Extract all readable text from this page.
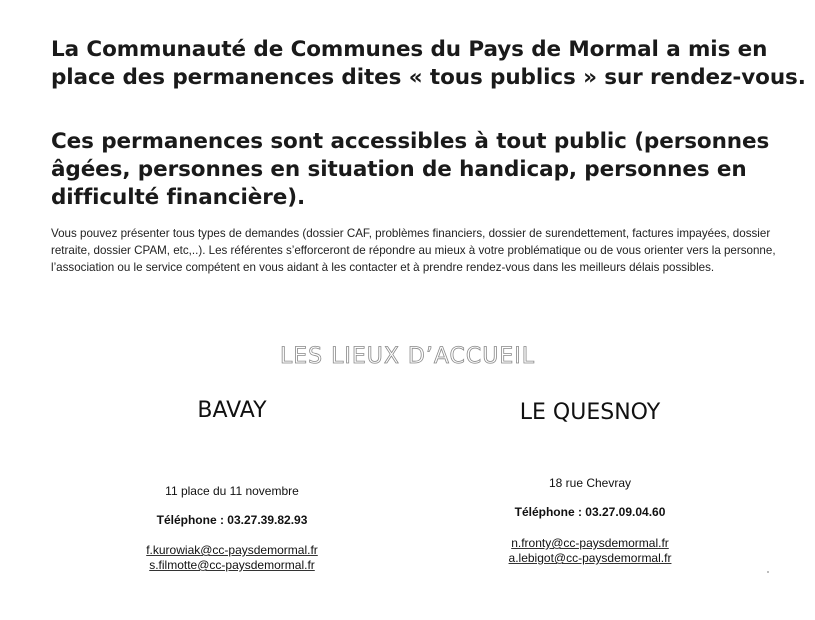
La Communauté de Communes du Pays de Mormal a mis en place des permanences dites « tous publics » sur rendez-vous.

Ces permanences sont accessibles à tout public (personnes âgées, personnes en situation de handicap, personnes en difficulté financière).

Vous pouvez présenter tous types de demandes (dossier CAF, problèmes financiers, dossier de surendettement, factures impayées, dossier retraite, dossier CPAM, etc,..). Les référentes s’efforceront de répondre au mieux à votre problématique ou de vous orienter vers la personne, l’association ou le service compétent en vous aidant à les contacter et à prendre rendez-vous dans les meilleurs délais possibles.

LES LIEUX D’ACCUEIL

BAVAY

11 place du 11 novembre

Téléphone : 03.27.39.82.93

f.kurowiak@cc-paysdemormal.fr

s.filmotte@cc-paysdemormal.fr

LE QUESNOY

18 rue Chevray

Téléphone : 03.27.09.04.60

n.fronty@cc-paysdemormal.fr

a.lebigot@cc-paysdemormal.fr
